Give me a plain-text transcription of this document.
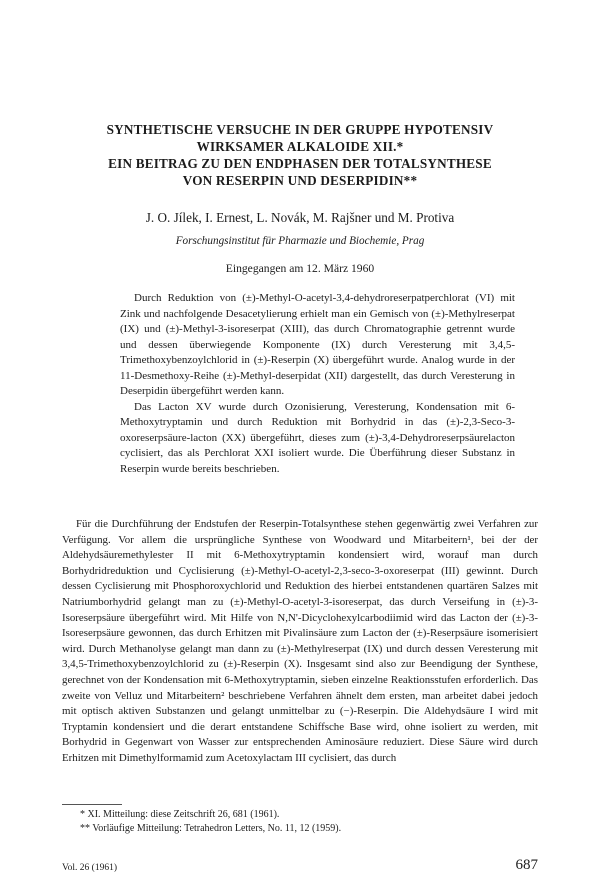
SYNTHETISCHE VERSUCHE IN DER GRUPPE HYPOTENSIV
WIRKSAMER ALKALOIDE XII.*
EIN BEITRAG ZU DEN ENDPHASEN DER TOTALSYNTHESE
VON RESERPIN UND DESERPIDIN**
J. O. Jílek, I. Ernest, L. Novák, M. Rajšner und M. Protiva
Forschungsinstitut für Pharmazie und Biochemie, Prag
Eingegangen am 12. März 1960

Durch Reduktion von (±)-Methyl-O-acetyl-3,4-dehydroreserpatperchlorat (VI) mit Zink und nachfolgende Desacetylierung erhielt man ein Gemisch von (±)-Methylreserpat (IX) und (±)-Methyl-3-isoreserpat (XIII), das durch Chromatographie getrennt wurde und dessen überwiegende Komponente (IX) durch Veresterung mit 3,4,5-Trimethoxybenzoylchlorid in (±)-Reserpin (X) übergeführt wurde. Analog wurde in der 11-Desmethoxy-Reihe (±)-Methyl-deserpidat (XII) dargestellt, das durch Veresterung in Deserpidin übergeführt werden kann.

Das Lacton XV wurde durch Ozonisierung, Veresterung, Kondensation mit 6-Methoxytryptamin und durch Reduktion mit Borhydrid in das (±)-2,3-Seco-3-oxoreserpsäure-lacton (XX) übergeführt, dieses zum (±)-3,4-Dehydroreserpsäurelacton cyclisiert, das als Perchlorat XXI isoliert wurde. Die Überführung dieser Substanz in Reserpin wurde bereits beschrieben.

Für die Durchführung der Endstufen der Reserpin-Totalsynthese stehen gegenwärtig zwei Verfahren zur Verfügung. Vor allem die ursprüngliche Synthese von Woodward und Mitarbeitern¹, bei der der Aldehydsäuremethylester II mit 6-Methoxytryptamin kondensiert wird, worauf man durch Borhydridreduktion und Cyclisierung (±)-Methyl-O-acetyl-2,3-seco-3-oxoreserpat (III) gewinnt. Durch dessen Cyclisierung mit Phosphoroxychlorid und Reduktion des hierbei entstandenen quartären Salzes mit Natriumborhydrid gelangt man zu (±)-Methyl-O-acetyl-3-isoreserpat, das durch Verseifung in (±)-3-Isoreserpsäure übergeführt wird. Mit Hilfe von N,N'-Dicyclohexylcarbodiimid wird das Lacton der (±)-3-Isoreserpsäure gewonnen, das durch Erhitzen mit Pivalinsäure zum Lacton der (±)-Reserpsäure isomerisiert wird. Durch Methanolyse gelangt man dann zu (±)-Methylreserpat (IX) und durch dessen Veresterung mit 3,4,5-Trimethoxybenzoylchlorid zu (±)-Reserpin (X). Insgesamt sind also zur Beendigung der Synthese, gerechnet von der Kondensation mit 6-Methoxytryptamin, sieben einzelne Reaktionsstufen erforderlich. Das zweite von Velluz und Mitarbeitern² beschriebene Verfahren ähnelt dem ersten, man arbeitet dabei jedoch mit optisch aktiven Substanzen und gelangt unmittelbar zu (−)-Reserpin. Die Aldehydsäure I wird mit Tryptamin kondensiert und die derart entstandene Schiffsche Base wird, ohne isoliert zu werden, mit Borhydrid in Gegenwart von Wasser zur entsprechenden Aminosäure reduziert. Diese Säure wird durch Erhitzen mit Dimethylformamid zum Acetoxylactam III cyclisiert, das durch

* XI. Mitteilung: diese Zeitschrift 26, 681 (1961).
** Vorläufige Mitteilung: Tetrahedron Letters, No. 11, 12 (1959).
Vol. 26 (1961)	687
